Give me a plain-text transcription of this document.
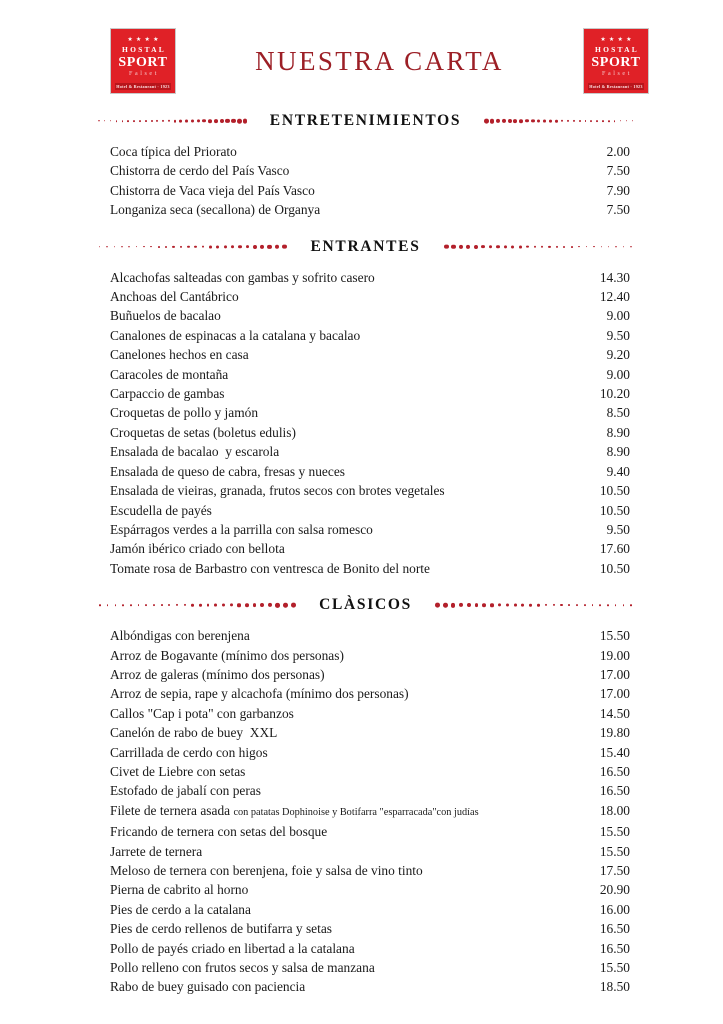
★★★★
HOSTAL
SPORT
Falset
Hotel & Restaurant · 1923
NUESTRA CARTA
★★★★
HOSTAL
SPORT
Falset
Hotel & Restaurant · 1923
ENTRETENIMIENTOS
Coca típica del Priorato	2.00
Chistorra de cerdo del País Vasco	7.50
Chistorra de Vaca vieja del País Vasco	7.90
Longaniza seca (secallona) de Organya	7.50
ENTRANTES
Alcachofas salteadas con gambas y sofrito casero	14.30
Anchoas del Cantábrico	12.40
Buñuelos de bacalao	9.00
Canalones de espinacas a la catalana y bacalao	9.50
Canelones hechos en casa	9.20
Caracoles de montaña	9.00
Carpaccio de gambas	10.20
Croquetas de pollo y jamón	8.50
Croquetas de setas (boletus edulis)	8.90
Ensalada de bacalao  y escarola	8.90
Ensalada de queso de cabra, fresas y nueces	9.40
Ensalada de vieiras, granada, frutos secos con brotes vegetales	10.50
Escudella de payés	10.50
Espárragos verdes a la parrilla con salsa romesco	9.50
Jamón ibérico criado con bellota	17.60
Tomate rosa de Barbastro con ventresca de Bonito del norte	10.50
CLÀSICOS
Albóndigas con berenjena	15.50
Arroz de Bogavante (mínimo dos personas)	19.00
Arroz de galeras (mínimo dos personas)	17.00
Arroz de sepia, rape y alcachofa (mínimo dos personas)	17.00
Callos "Cap i pota" con garbanzos	14.50
Canelón de rabo de buey  XXL	19.80
Carrillada de cerdo con higos	15.40
Civet de Liebre con setas	16.50
Estofado de jabalí con peras	16.50
Filete de ternera asada con patatas Dophinoise y Botifarra "esparracada"con judías	18.00
Fricando de ternera con setas del bosque	15.50
Jarrete de ternera	15.50
Meloso de ternera con berenjena, foie y salsa de vino tinto	17.50
Pierna de cabrito al horno	20.90
Pies de cerdo a la catalana	16.00
Pies de cerdo rellenos de butifarra y setas	16.50
Pollo de payés criado en libertad a la catalana	16.50
Pollo relleno con frutos secos y salsa de manzana	15.50
Rabo de buey guisado con paciencia	18.50
